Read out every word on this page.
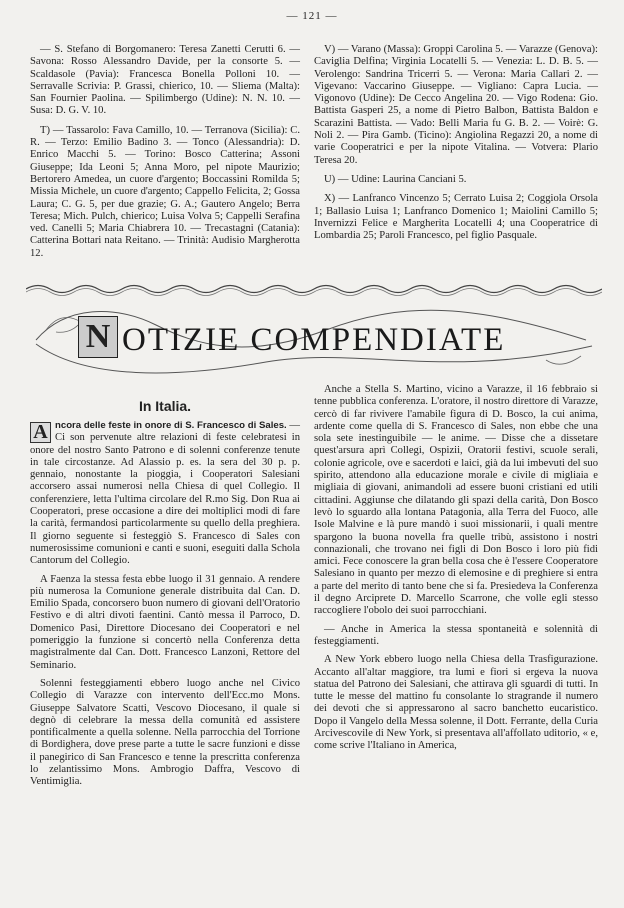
— 121 —

— S. Stefano di Borgomanero: Teresa Zanetti Cerutti 6. — Savona: Rosso Alessandro Davide, per la consorte 5. — Scaldasole (Pavia): Francesca Bonella Polloni 10. — Serravalle Scrivia: P. Grassi, chierico, 10. — Sliema (Malta): San Fournier Paolina. — Spilimbergo (Udine): N. N. 10. — Susa: D. G. V. 10.

T) — Tassarolo: Fava Camillo, 10. — Terranova (Sicilia): C. R. — Terzo: Emilio Badino 3. — Tonco (Alessandria): D. Enrico Macchi 5. — Torino: Bosco Catterina; Assoni Giuseppe; Ida Leoni 5; Anna Moro, pel nipote Maurizio; Bertorero Amedea, un cuore d'argento; Boccassini Romilda 5; Missia Michele, un cuore d'argento; Cappello Felicita, 2; Gossa Laura; C. G. 5, per due grazie; G. A.; Gautero Angelo; Berra Teresa; Mich. Pulch, chierico; Luisa Volva 5; Cappelli Serafina ved. Canelli 5; Maria Chiabrera 10. — Trecastagni (Catania): Catterina Bottari nata Reitano. — Trinità: Audisio Margherotta 12.

V) — Varano (Massa): Groppi Carolina 5. — Varazze (Genova): Caviglia Delfina; Virginia Locatelli 5. — Venezia: L. D. B. 5. — Verolengo: Sandrina Tricerri 5. — Verona: Maria Callari 2. — Vigevano: Vaccarino Giuseppe. — Vigliano: Capra Lucia. — Vigonovo (Udine): De Cecco Angelina 20. — Vigo Rodena: Gio. Battista Gasperi 25, a nome di Pietro Balbon, Battista Baldon e Scarazini Battista. — Vado: Belli Maria fu G. B. 2. — Voirè: G. Noli 2. — Pira Gamb. (Ticino): Angiolina Regazzi 20, a nome di varie Cooperatrici e per la nipote Vitalina. — Votvera: Plario Teresa 20.

U) — Udine: Laurina Canciani 5.

X) — Lanfranco Vincenzo 5; Cerrato Luisa 2; Coggiola Orsola 1; Ballasio Luisa 1; Lanfranco Domenico 1; Maiolini Camillo 5; Invernizzi Felice e Margherita Locatelli 4; una Cooperatrice di Lombardia 25; Paroli Francesco, pel figlio Pasquale.

N OTIZIE COMPENDIATE
In Italia.

A ncora delle feste in onore di S. Francesco di Sales. — Ci son pervenute altre relazioni di feste celebratesi in onore del nostro Santo Patrono e di solenni conferenze tenute in tale circostanze. Ad Alassio p. es. la sera del 30 p. p. gennaio, nonostante la pioggia, i Cooperatori Salesiani accorsero assai numerosi nella Chiesa di quel Collegio. Il conferenziere, letta l'ultima circolare del R.mo Sig. Don Rua ai Cooperatori, prese occasione a dire dei moltiplici modi di fare la carità, fermandosi particolarmente su quello della preghiera. Il giorno seguente si festeggiò S. Francesco di Sales con numerosissime comunioni e canti e suoni, eseguiti dalla Schola Cantorum del Collegio.

A Faenza la stessa festa ebbe luogo il 31 gennaio. A rendere più numerosa la Comunione generale distribuita dal Can. D. Emilio Spada, concorsero buon numero di giovani dell'Oratorio Festivo e di altri divoti faentini. Cantò messa il Parroco, D. Domenico Pasi, Direttore Diocesano dei Cooperatori e nel pomeriggio la funzione si concertò nella Conferenza detta magistralmente dal Can. Dott. Francesco Lanzoni, Rettore del Seminario.

Solenni festeggiamenti ebbero luogo anche nel Civico Collegio di Varazze con intervento dell'Ecc.mo Mons. Giuseppe Salvatore Scatti, Vescovo Diocesano, il quale si degnò di celebrare la messa della comunità ed assistere pontificalmente a quella solenne. Nella parrocchia del Torrione di Bordighera, dove prese parte a tutte le sacre funzioni e disse il panegirico di San Francesco e tenne la prescritta conferenza lo zelantissimo Mons. Ambrogio Daffra, Vescovo di Ventimiglia.

Anche a Stella S. Martino, vicino a Varazze, il 16 febbraio si tenne pubblica conferenza. L'oratore, il nostro direttore di Varazze, cercò di far rivivere l'amabile figura di D. Bosco, la cui anima, ardente come quella di S. Francesco di Sales, non ebbe che una sola sete inestinguibile — le anime. — Disse che a dissetare quest'arsura aprì Collegi, Ospizii, Oratorii festivi, scuole serali, colonie agricole, ove e sacerdoti e laici, già da lui imbevuti del suo spirito, attendono alla educazione morale e civile di migliaia e migliaia di giovani, animandoli ad essere buoni cristiani ed utili cittadini. Aggiunse che dilatando gli spazi della carità, Don Bosco levò lo sguardo alla lontana Patagonia, alla Terra del Fuoco, alle Isole Malvine e là pure mandò i suoi missionarii, i quali mentre spargono la buona novella fra quelle tribù, assistono i nostri connazionali, che trovano nei figli di Don Bosco i loro più fidi amici. Fece conoscere la gran bella cosa che è l'essere Cooperatore Salesiano in quanto per mezzo di elemosine e di preghiere si entra a parte del merito di tanto bene che si fa. Presiedeva la Conferenza il degno Arciprete D. Marcello Scarrone, che volle egli stesso raccogliere l'obolo dei suoi parrocchiani.

— Anche in America la stessa spontaneità e solennità di festeggiamenti.

A New York ebbero luogo nella Chiesa della Trasfigurazione. Accanto all'altar maggiore, tra lumi e fiori si ergeva la nuova statua del Patrono dei Salesiani, che attirava gli sguardi di tutti. In tutte le messe del mattino fu consolante lo stragrande il numero dei devoti che si appressarono al sacro banchetto eucaristico. Dopo il Vangelo della Messa solenne, il Dott. Ferrante, della Curia Arcivescovile di New York, si presentava all'affollato uditorio, « e, come scrive l'Italiano in America,
